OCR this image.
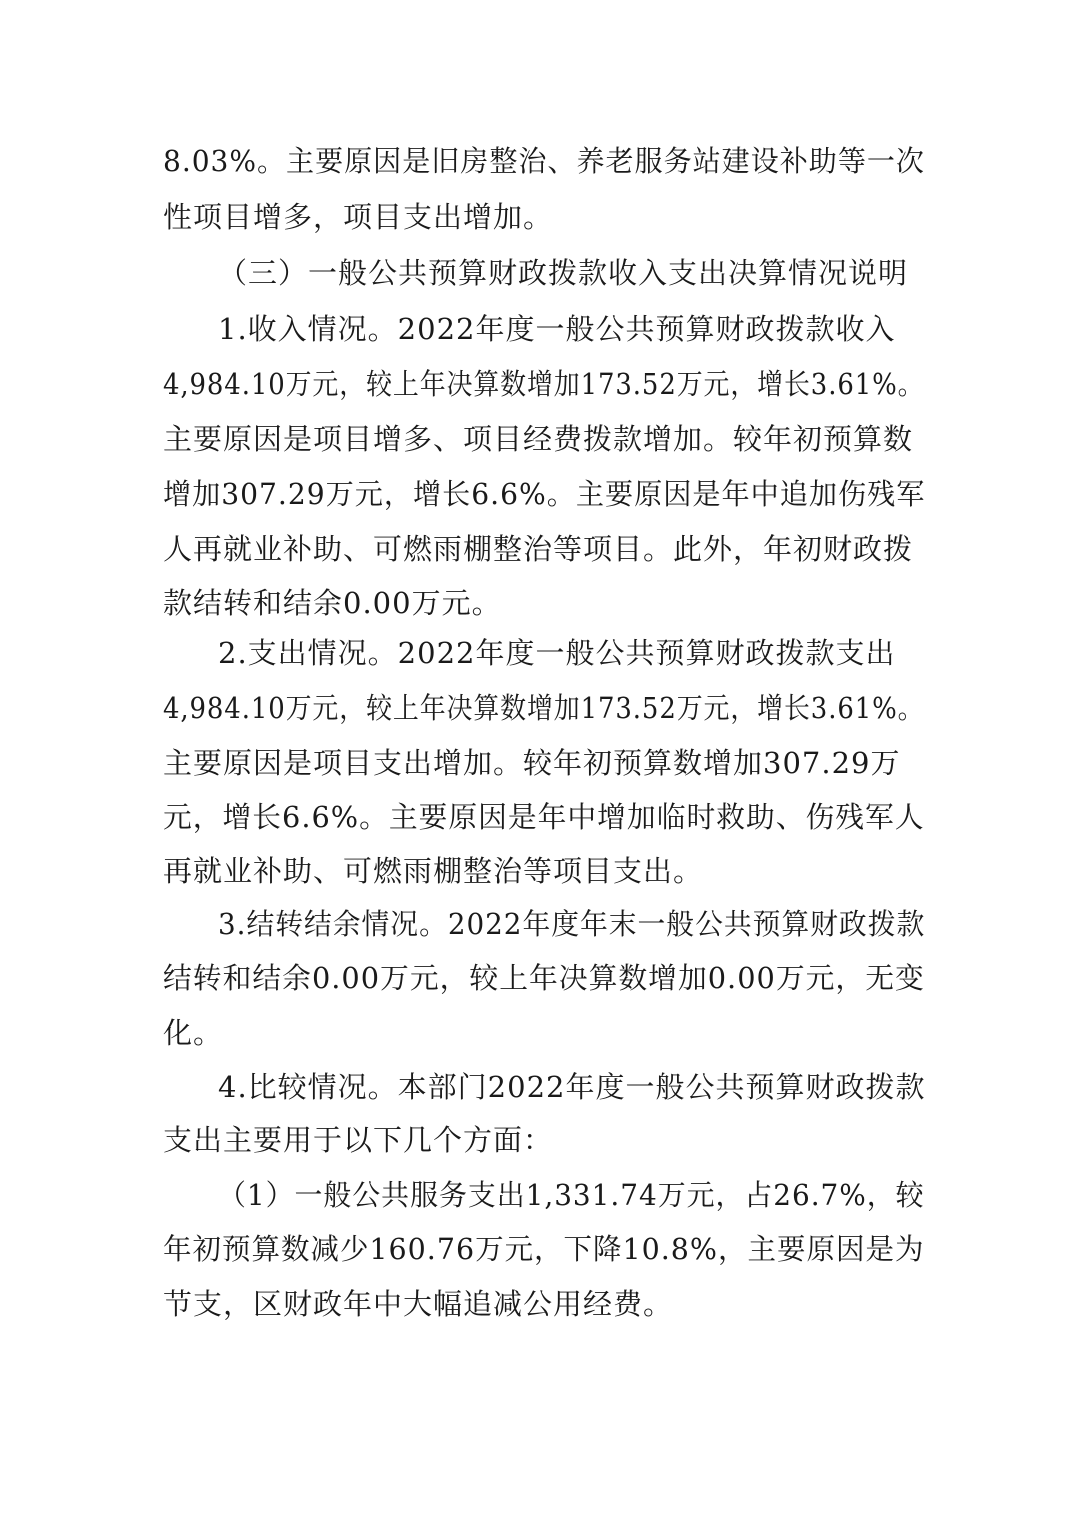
8.03%。主要原因是旧房整治、养老服务站建设补助等一次
性项目增多，项目支出增加。
（三）一般公共预算财政拨款收入支出决算情况说明
1.收入情况。2022年度一般公共预算财政拨款收入
4,984.10万元，较上年决算数增加173.52万元，增长3.61%。
主要原因是项目增多、项目经费拨款增加。较年初预算数
增加307.29万元，增长6.6%。主要原因是年中追加伤残军
人再就业补助、可燃雨棚整治等项目。此外，年初财政拨
款结转和结余0.00万元。
2.支出情况。2022年度一般公共预算财政拨款支出
4,984.10万元，较上年决算数增加173.52万元，增长3.61%。
主要原因是项目支出增加。较年初预算数增加307.29万
元，增长6.6%。主要原因是年中增加临时救助、伤残军人
再就业补助、可燃雨棚整治等项目支出。
3.结转结余情况。2022年度年末一般公共预算财政拨款
结转和结余0.00万元，较上年决算数增加0.00万元，无变
化。
4.比较情况。本部门2022年度一般公共预算财政拨款
支出主要用于以下几个方面：
（1）一般公共服务支出1,331.74万元，占26.7%，较
年初预算数减少160.76万元，下降10.8%，主要原因是为
节支，区财政年中大幅追减公用经费。
